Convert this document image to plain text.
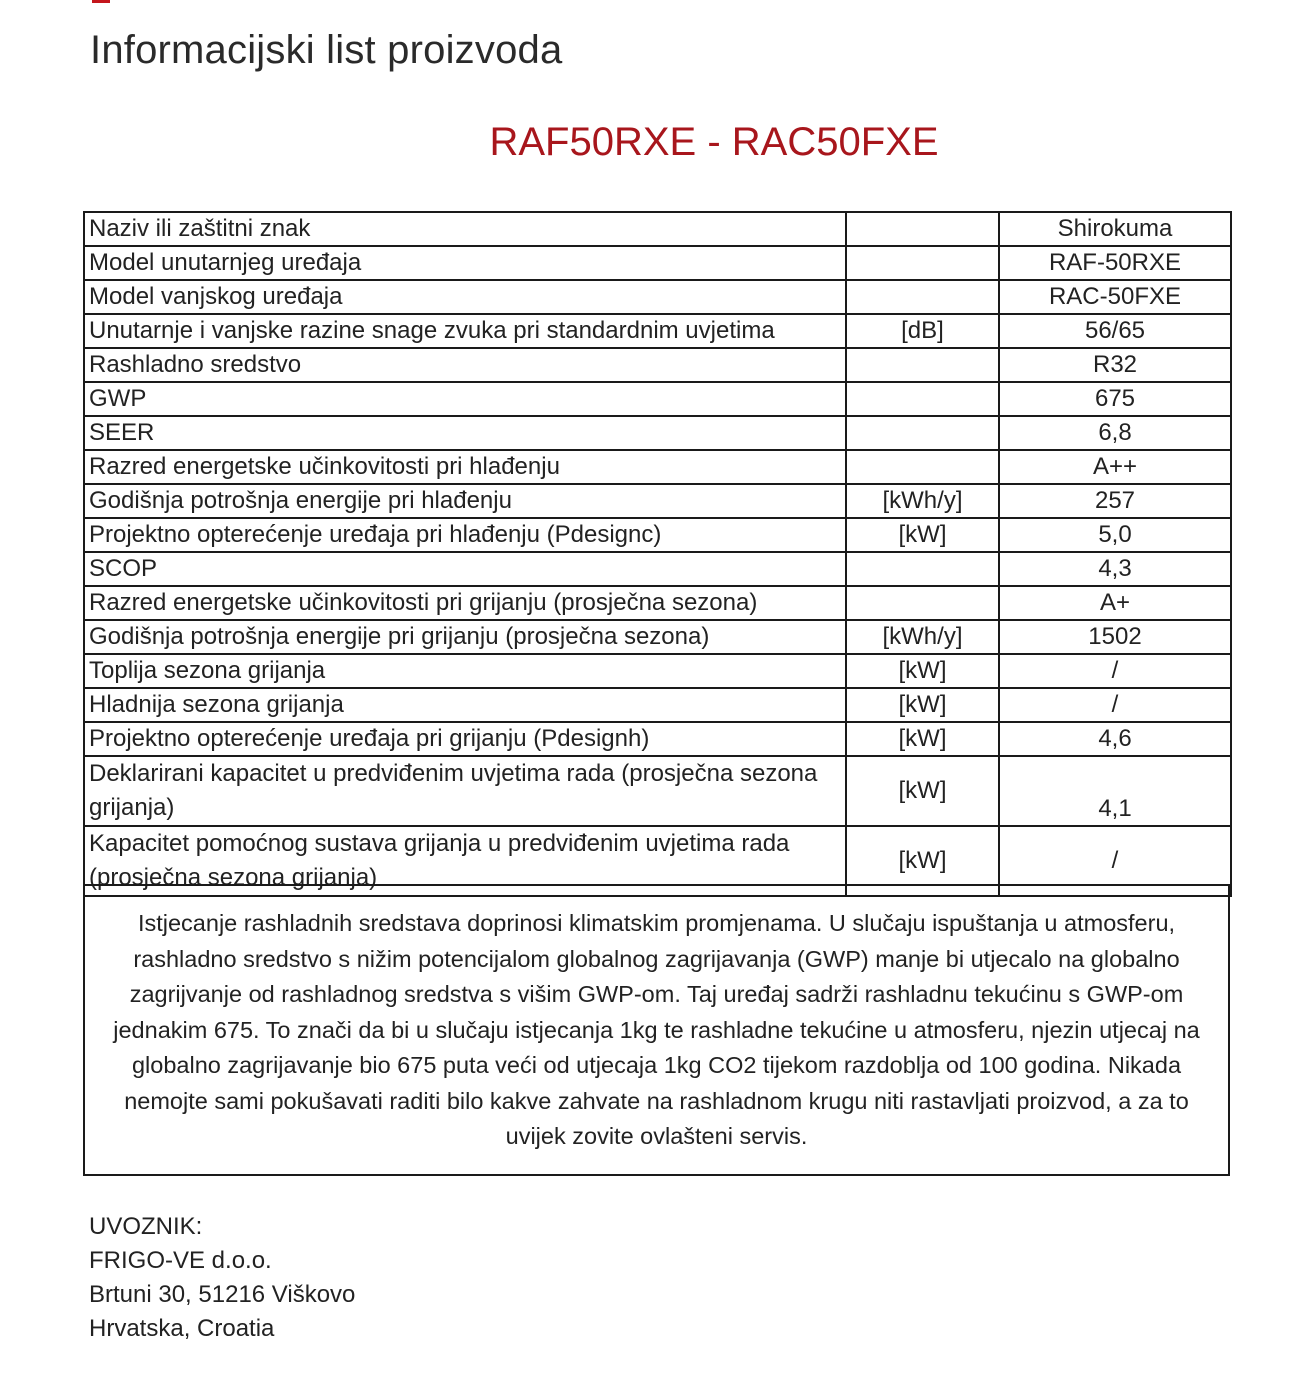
Informacijski list proizvoda
RAF50RXE - RAC50FXE
Naziv ili zaštitni znak		Shirokuma
Model unutarnjeg uređaja		RAF-50RXE
Model vanjskog uređaja		RAC-50FXE
Unutarnje i vanjske razine snage zvuka pri standardnim uvjetima	[dB]	56/65
Rashladno sredstvo		R32
GWP		675
SEER		6,8
Razred energetske učinkovitosti pri hlađenju		A++
Godišnja potrošnja energije pri hlađenju	[kWh/y]	257
Projektno opterećenje uređaja pri hlađenju (Pdesignc)	[kW]	5,0
SCOP		4,3
Razred energetske učinkovitosti pri grijanju (prosječna sezona)		A+
Godišnja potrošnja energije pri grijanju (prosječna sezona)	[kWh/y]	1502
Toplija sezona grijanja	[kW]	/
Hladnija sezona grijanja	[kW]	/
Projektno opterećenje uređaja pri grijanju (Pdesignh)	[kW]	4,6
Deklarirani kapacitet u predviđenim uvjetima rada (prosječna sezona grijanja)	[kW]	4,1
Kapacitet pomoćnog sustava grijanja u predviđenim uvjetima rada (prosječna sezona grijanja)	[kW]	/

Istjecanje rashladnih sredstava doprinosi klimatskim promjenama. U slučaju ispuštanja u atmosferu, rashladno sredstvo s nižim potencijalom globalnog zagrijavanja (GWP) manje bi utjecalo na globalno zagrijvanje od rashladnog sredstva s višim GWP-om. Taj uređaj sadrži rashladnu tekućinu s GWP-om jednakim 675. To znači da bi u slučaju istjecanja 1kg te rashladne tekućine u atmosferu, njezin utjecaj na globalno zagrijavanje bio 675 puta veći od utjecaja 1kg CO2 tijekom razdoblja od 100 godina. Nikada nemojte sami pokušavati raditi bilo kakve zahvate na rashladnom krugu niti rastavljati proizvod, a za to uvijek zovite ovlašteni servis.

UVOZNIK:
FRIGO-VE d.o.o.
Brtuni 30, 51216 Viškovo
Hrvatska, Croatia
